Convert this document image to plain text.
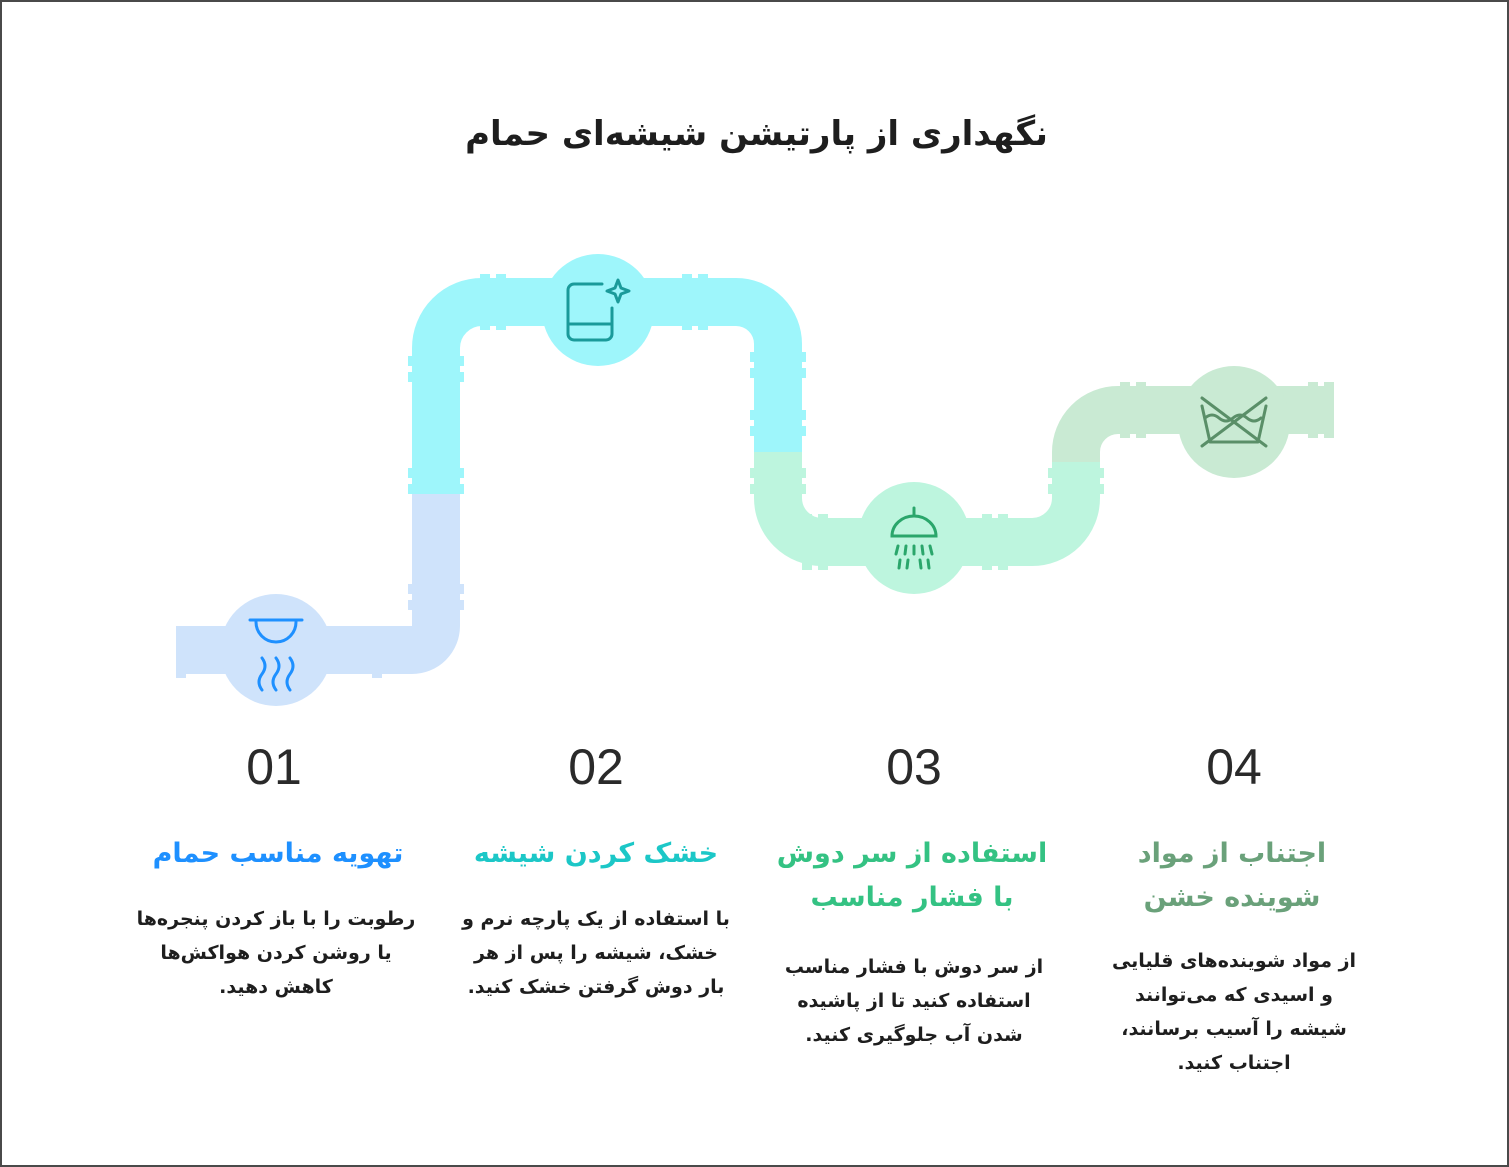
نگهداری از پارتیشن شیشه‌ای حمام
01	02	03	04
تهویه مناسب حمام	خشک کردن شیشه	استفاده از سر دوش
با فشار مناسب
اجتناب از مواد
شوینده خشن
رطوبت را با باز کردن پنجره‌ها
یا روشن کردن هواکش‌ها
کاهش دهید.
با استفاده از یک پارچه نرم و
خشک، شیشه را پس از هر
بار دوش گرفتن خشک کنید.
از سر دوش با فشار مناسب
استفاده کنید تا از پاشیده
شدن آب جلوگیری کنید.
از مواد شوینده‌های قلیایی
و اسیدی که می‌توانند
شیشه را آسیب برسانند،
اجتناب کنید.
